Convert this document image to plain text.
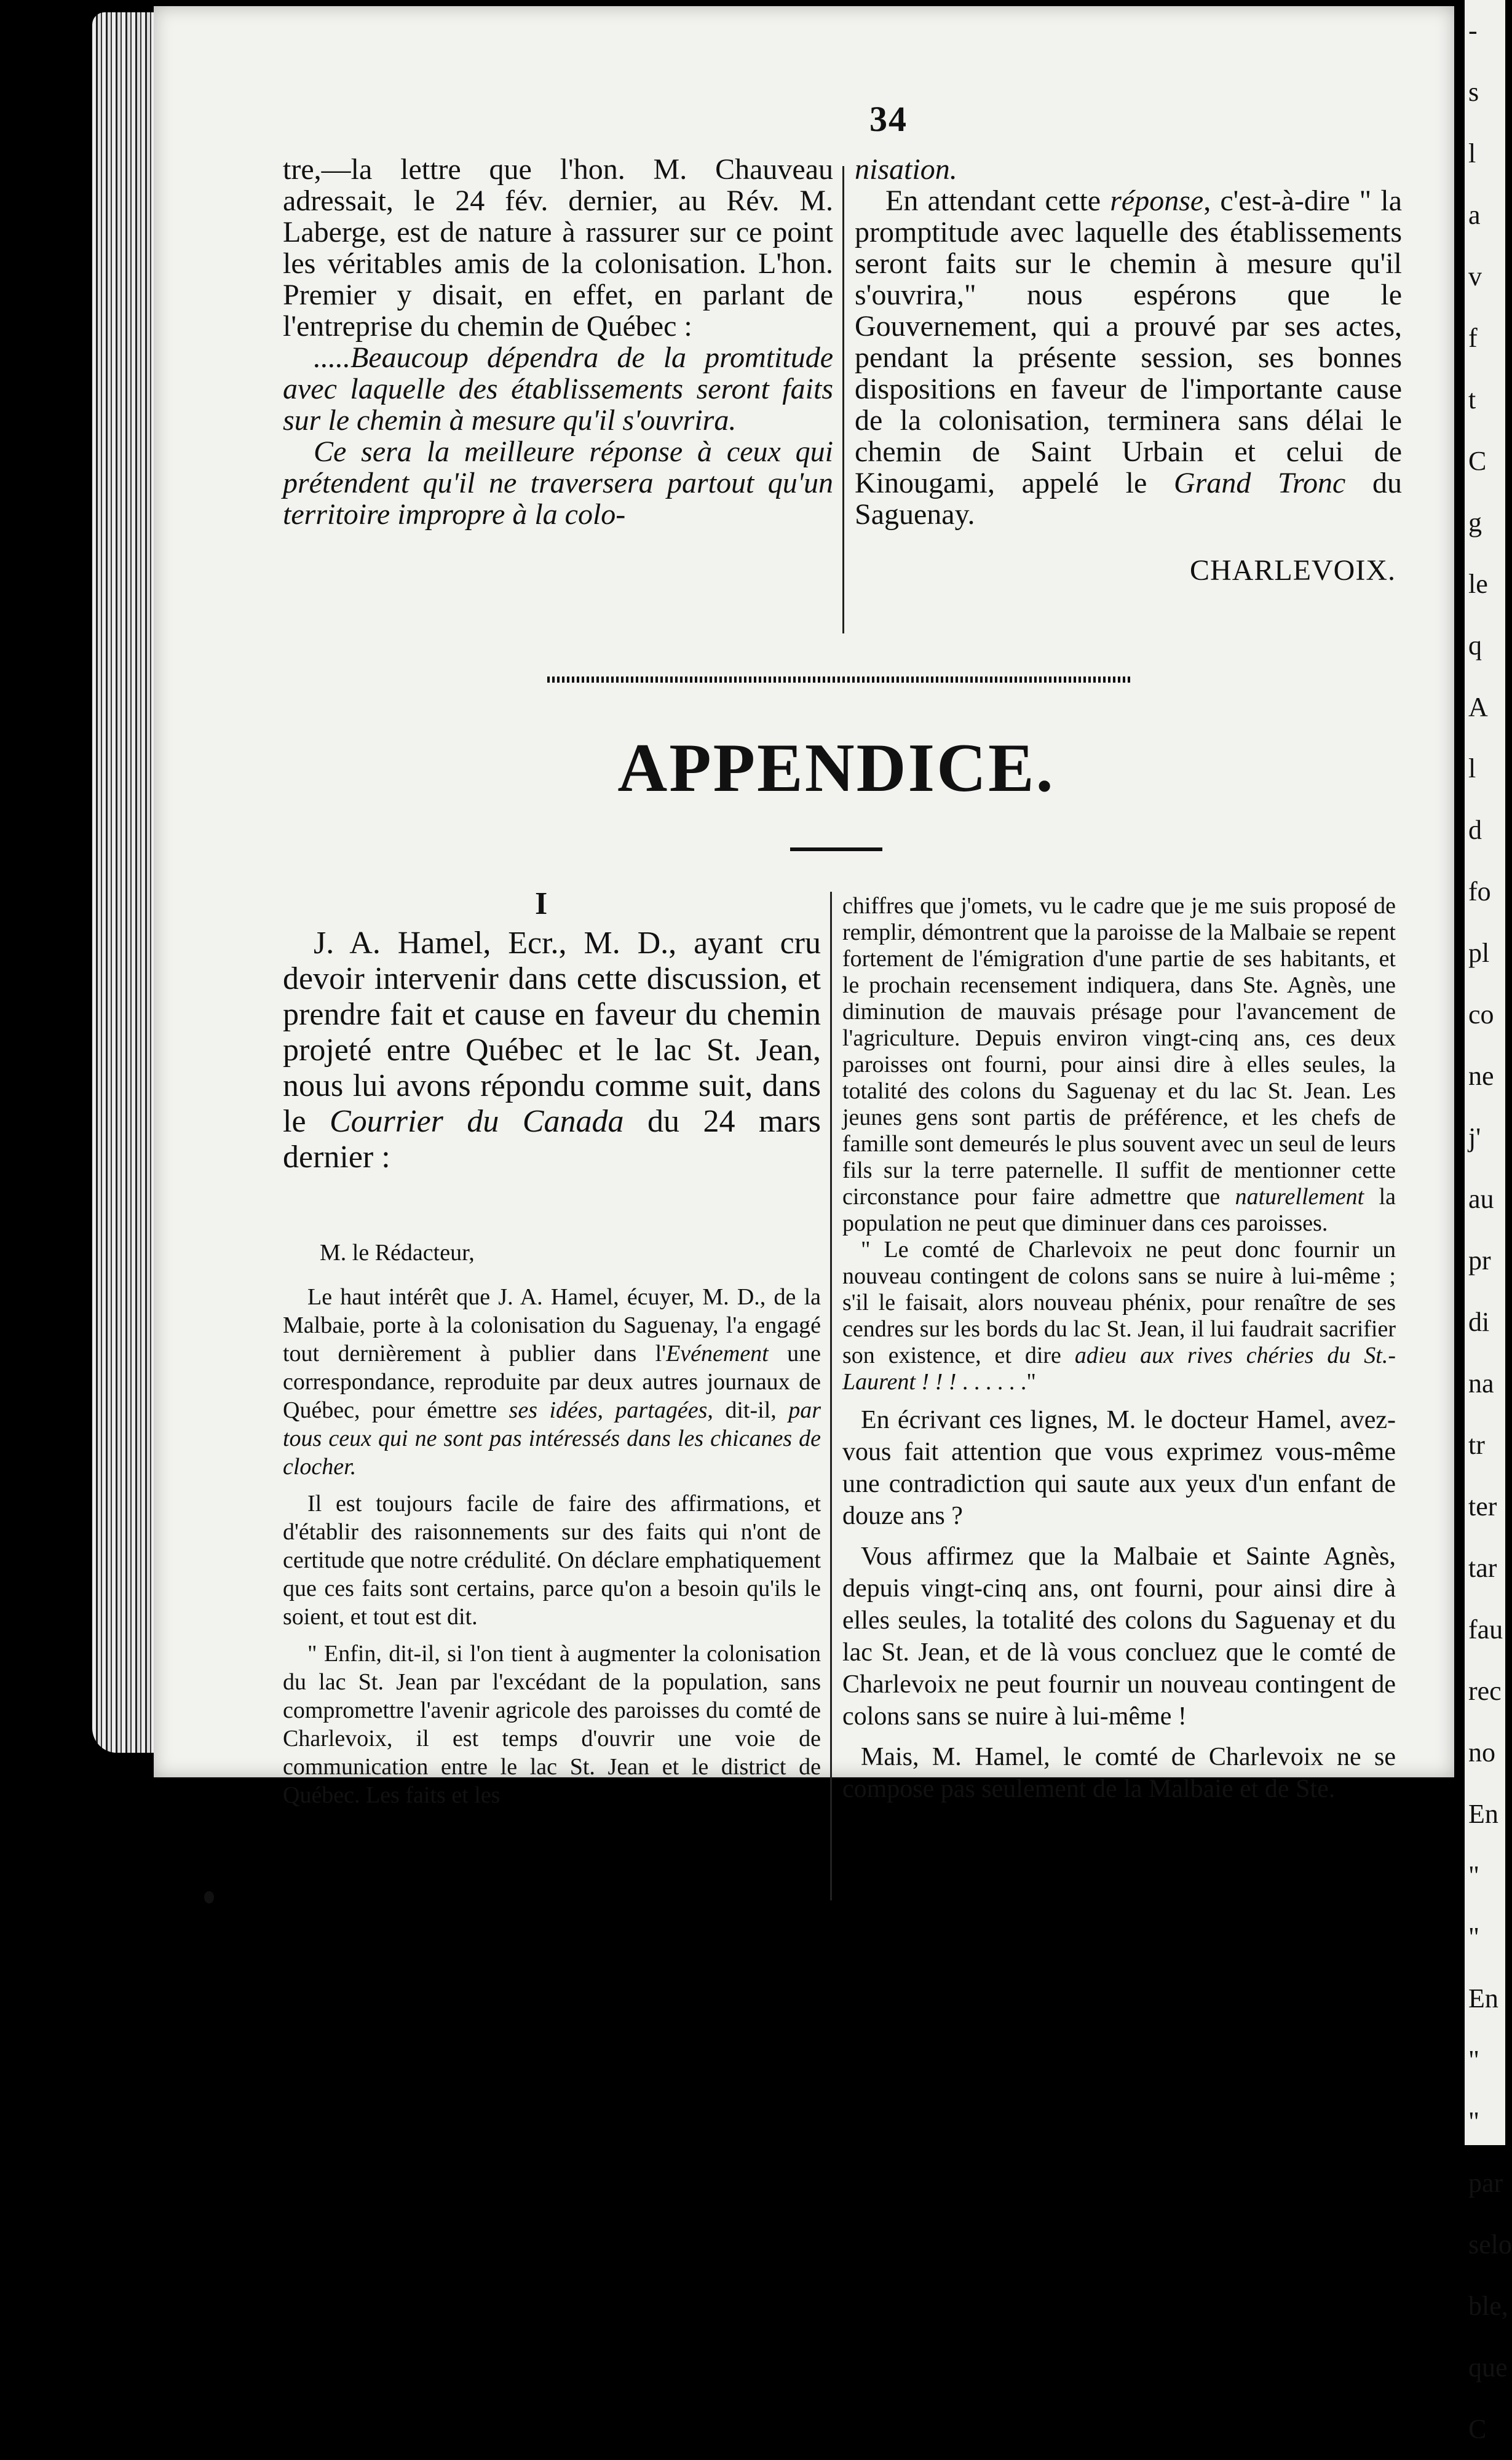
-
s
l
a
v
f
t
C
g
le
q
A
l
d
fo
pl
co
ne
j'
au
pr
di
na
tr
ter
tar
fau
rec
no
En
"
"
En
"
"
par
selo
ble,
que
C
34

tre,—la lettre que l'hon. M. Chauveau adressait, le 24 fév. dernier, au Rév. M. Laberge, est de nature à rassurer sur ce point les véritables amis de la colonisation. L'hon. Premier y disait, en effet, en parlant de l'entreprise du chemin de Québec :

.....Beaucoup dépendra de la promtitude avec laquelle des établissements seront faits sur le chemin à mesure qu'il s'ouvrira.

Ce sera la meilleure réponse à ceux qui prétendent qu'il ne traversera partout qu'un territoire impropre à la colo-

nisation.

En attendant cette réponse, c'est-à-dire " la promptitude avec laquelle des établissements seront faits sur le chemin à mesure qu'il s'ouvrira," nous espérons que le Gouvernement, qui a prouvé par ses actes, pendant la présente session, ses bonnes dispositions en faveur de l'importante cause de la colonisation, terminera sans délai le chemin de Saint Urbain et celui de Kinougami, appelé le Grand Tronc du Saguenay.

CHARLEVOIX.

APPENDICE.
I

J. A. Hamel, Ecr., M. D., ayant cru devoir intervenir dans cette discussion, et prendre fait et cause en faveur du chemin projeté entre Québec et le lac St. Jean, nous lui avons répondu comme suit, dans le Courrier du Canada du 24 mars dernier :

M. le Rédacteur,

Le haut intérêt que J. A. Hamel, écuyer, M. D., de la Malbaie, porte à la colonisation du Saguenay, l'a engagé tout dernièrement à publier dans l'Evénement une correspondance, reproduite par deux autres journaux de Québec, pour émettre ses idées, partagées, dit-il, par tous ceux qui ne sont pas intéressés dans les chicanes de clocher.

Il est toujours facile de faire des affirmations, et d'établir des raisonnements sur des faits qui n'ont de certitude que notre crédulité. On déclare emphatiquement que ces faits sont certains, parce qu'on a besoin qu'ils le soient, et tout est dit.

" Enfin, dit-il, si l'on tient à augmenter la colonisation du lac St. Jean par l'excédant de la population, sans compromettre l'avenir agricole des paroisses du comté de Charlevoix, il est temps d'ouvrir une voie de communication entre le lac St. Jean et le district de Québec. Les faits et les

chiffres que j'omets, vu le cadre que je me suis proposé de remplir, démontrent que la paroisse de la Malbaie se repent fortement de l'émigration d'une partie de ses habitants, et le prochain recensement indiquera, dans Ste. Agnès, une diminution de mauvais présage pour l'avancement de l'agriculture. Depuis environ vingt-cinq ans, ces deux paroisses ont fourni, pour ainsi dire à elles seules, la totalité des colons du Saguenay et du lac St. Jean. Les jeunes gens sont partis de préférence, et les chefs de famille sont demeurés le plus souvent avec un seul de leurs fils sur la terre paternelle. Il suffit de mentionner cette circonstance pour faire admettre que naturellement la population ne peut que diminuer dans ces paroisses.

" Le comté de Charlevoix ne peut donc fournir un nouveau contingent de colons sans se nuire à lui-même ; s'il le faisait, alors nouveau phénix, pour renaître de ses cendres sur les bords du lac St. Jean, il lui faudrait sacrifier son existence, et dire adieu aux rives chéries du St.-Laurent ! ! ! . . . . . ."

En écrivant ces lignes, M. le docteur Hamel, avez-vous fait attention que vous exprimez vous-même une contradiction qui saute aux yeux d'un enfant de douze ans ?

Vous affirmez que la Malbaie et Sainte Agnès, depuis vingt-cinq ans, ont fourni, pour ainsi dire à elles seules, la totalité des colons du Saguenay et du lac St. Jean, et de là vous concluez que le comté de Charlevoix ne peut fournir un nouveau contingent de colons sans se nuire à lui-même !

Mais, M. Hamel, le comté de Charlevoix ne se compose pas seulement de la Malbaie et de Ste.
